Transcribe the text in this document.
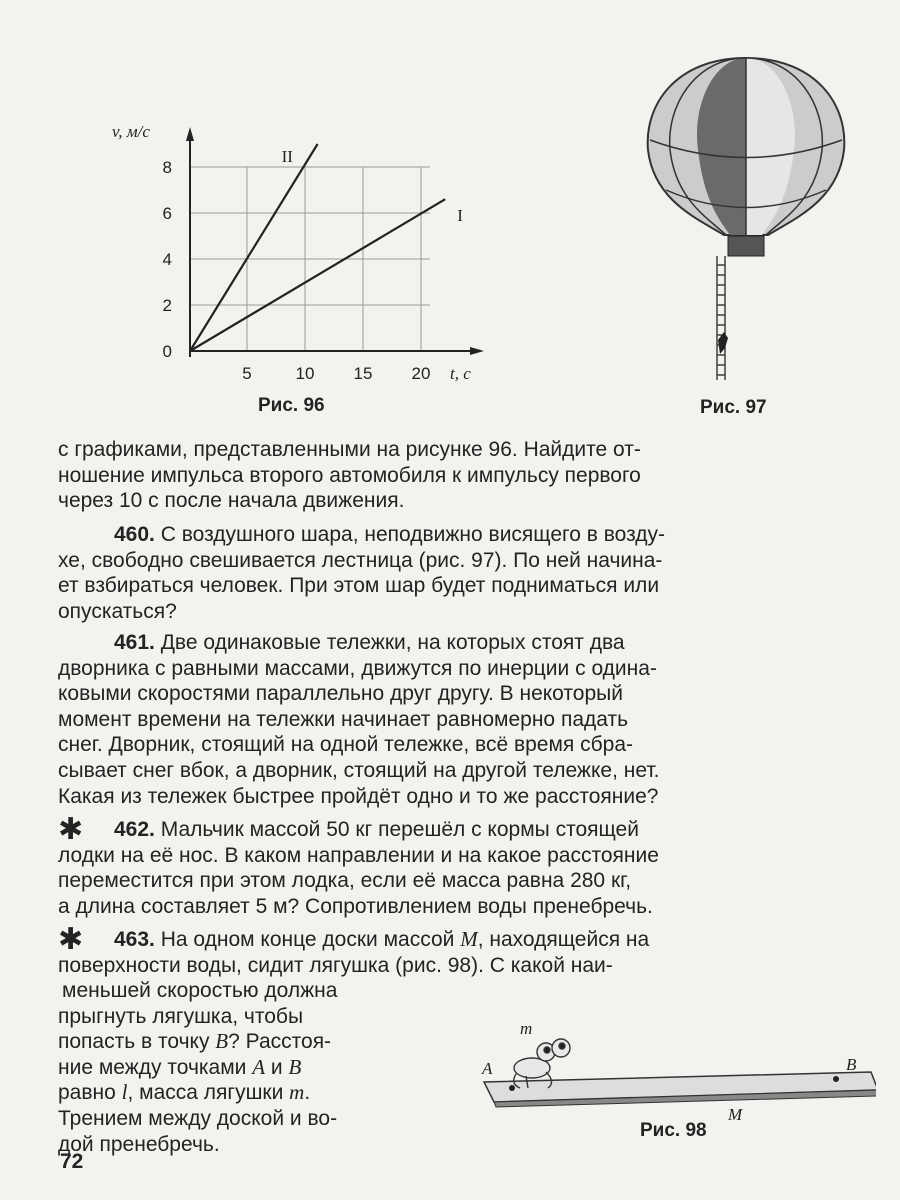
II
I
0
2
4
6
8
5	10 15 20
v, м/с
t, с
Рис. 96	Рис. 97

с графиками, представленными на рисунке 96. Найдите от-

ношение импульса второго автомобиля к импульсу первого

через 10 с после начала движения.

460. С воздушного шара, неподвижно висящего в возду-

хе, свободно свешивается лестница (рис. 97). По ней начина-

ет взбираться человек. При этом шар будет подниматься или

опускаться?

461. Две одинаковые тележки, на которых стоят два

дворника с равными массами, движутся по инерции с одина-

ковыми скоростями параллельно друг другу. В некоторый

момент времени на тележки начинает равномерно падать

снег. Дворник, стоящий на одной тележке, всё время сбра-

сывает снег вбок, а дворник, стоящий на другой тележке, нет.

Какая из тележек быстрее пройдёт одно и то же расстояние?

✱	462. Мальчик массой 50 кг перешёл с кормы стоящей

лодки на её нос. В каком направлении и на какое расстояние

переместится при этом лодка, если её масса равна 280 кг,

а длина составляет 5 м? Сопротивлением воды пренебречь.

✱	463. На одном конце доски массой M, находящейся на

поверхности воды, сидит лягушка (рис. 98). С какой наи-

меньшей скоростью должна

прыгнуть лягушка, чтобы

попасть в точку B? Расстоя-

ние между точками A и B

равно l, масса лягушки m.

Трением между доской и во-

дой пренебречь.

m
A	B
M
Рис. 98
72
